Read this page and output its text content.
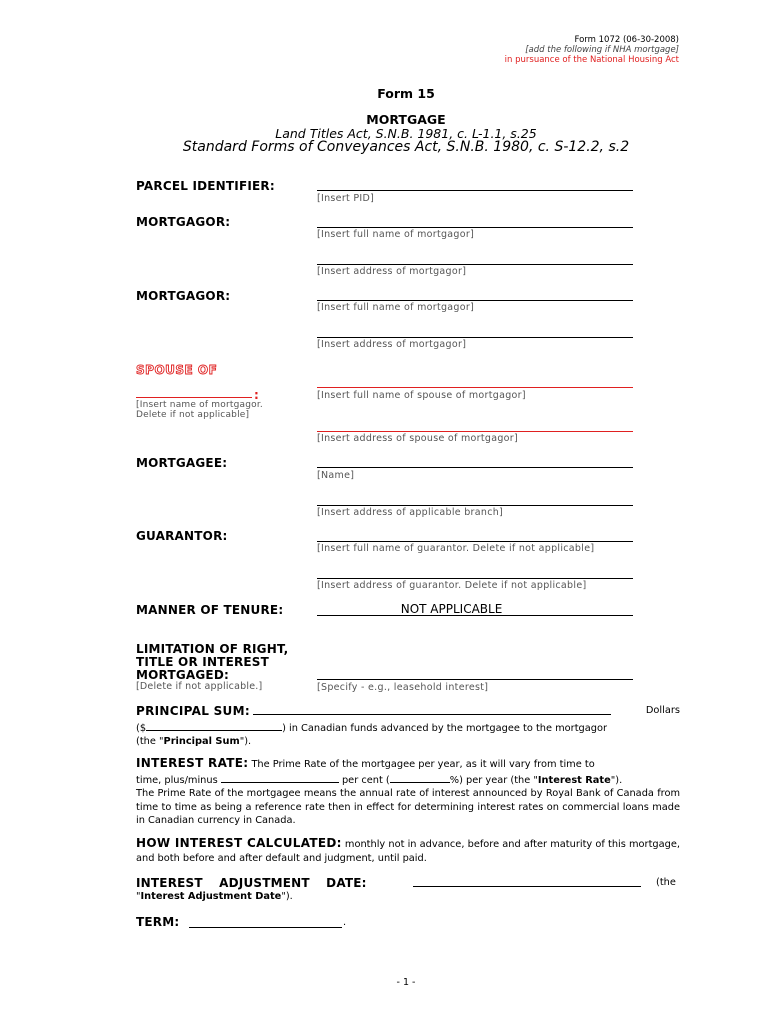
Form 1072 (06-30-2008)
[add the following if NHA mortgage]
in pursuance of the National Housing Act
Form 15
MORTGAGE
Land Titles Act, S.N.B. 1981, c. L-1.1, s.25
Standard Forms of Conveyances Act, S.N.B. 1980, c. S-12.2, s.2
PARCEL IDENTIFIER:
[Insert PID]
MORTGAGOR:
[Insert full name of mortgagor]
[Insert address of mortgagor]
MORTGAGOR:
[Insert full name of mortgagor]
[Insert address of mortgagor]
SPOUSE OF
:
[Insert name of mortgagor.
Delete if not applicable]
[Insert full name of spouse of mortgagor]
[Insert address of spouse of mortgagor]
MORTGAGEE:
[Name]
[Insert address of applicable branch]
GUARANTOR:
[Insert full name of guarantor. Delete if not applicable]
[Insert address of guarantor. Delete if not applicable]
MANNER OF TENURE:	NOT APPLICABLE
LIMITATION OF RIGHT,
TITLE OR INTEREST
MORTGAGED:
[Delete if not applicable.]	[Specify - e.g., leasehold interest]
PRINCIPAL SUM:	Dollars

($	) in Canadian funds advanced by the mortgagee to the mortgagor
(the "Principal Sum").
INTEREST RATE: The Prime Rate of the mortgagee per year, as it will vary from time to
time, plus/minus	per cent (	%) per year (the "Interest Rate").
The Prime Rate of the mortgagee means the annual rate of interest announced by Royal Bank of Canada from time to time as being a reference rate then in effect for determining interest rates on commercial loans made in Canadian currency in Canada.
HOW INTEREST CALCULATED: monthly not in advance, before and after maturity of this mortgage, and both before and after default and judgment, until paid.
INTEREST ADJUSTMENT DATE:	(the
"Interest Adjustment Date").
TERM:	.
- 1 -
